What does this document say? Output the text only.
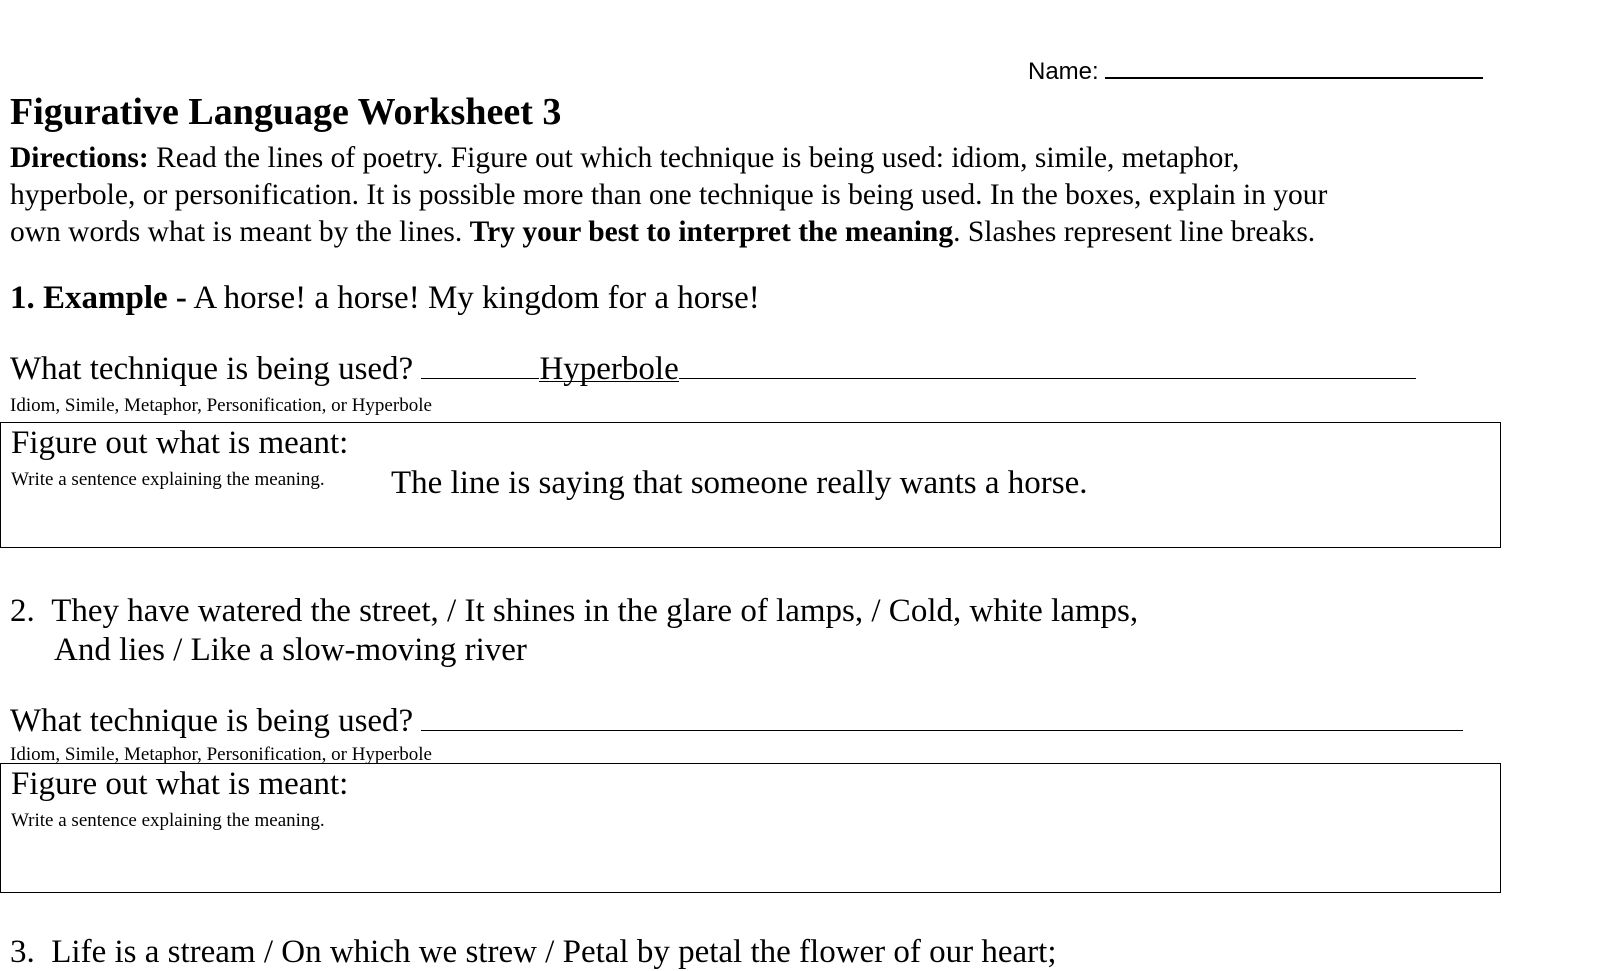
Name:
Figurative Language Worksheet 3
Directions: Read the lines of poetry. Figure out which technique is being used: idiom, simile, metaphor,
hyperbole, or personification. It is possible more than one technique is being used. In the boxes, explain in your
own words what is meant by the lines. Try your best to interpret the meaning. Slashes represent line breaks.
1. Example - A horse! a horse! My kingdom for a horse!
What technique is being used?	Hyperbole
Idiom, Simile, Metaphor, Personification, or Hyperbole
Figure out what is meant:
Write a sentence explaining the meaning. The line is saying that someone really wants a horse.
2. They have watered the street, / It shines in the glare of lamps, / Cold, white lamps,
And lies / Like a slow-moving river
What technique is being used?
Idiom, Simile, Metaphor, Personification, or Hyperbole
Figure out what is meant:
Write a sentence explaining the meaning.
3. Life is a stream / On which we strew / Petal by petal the flower of our heart;
